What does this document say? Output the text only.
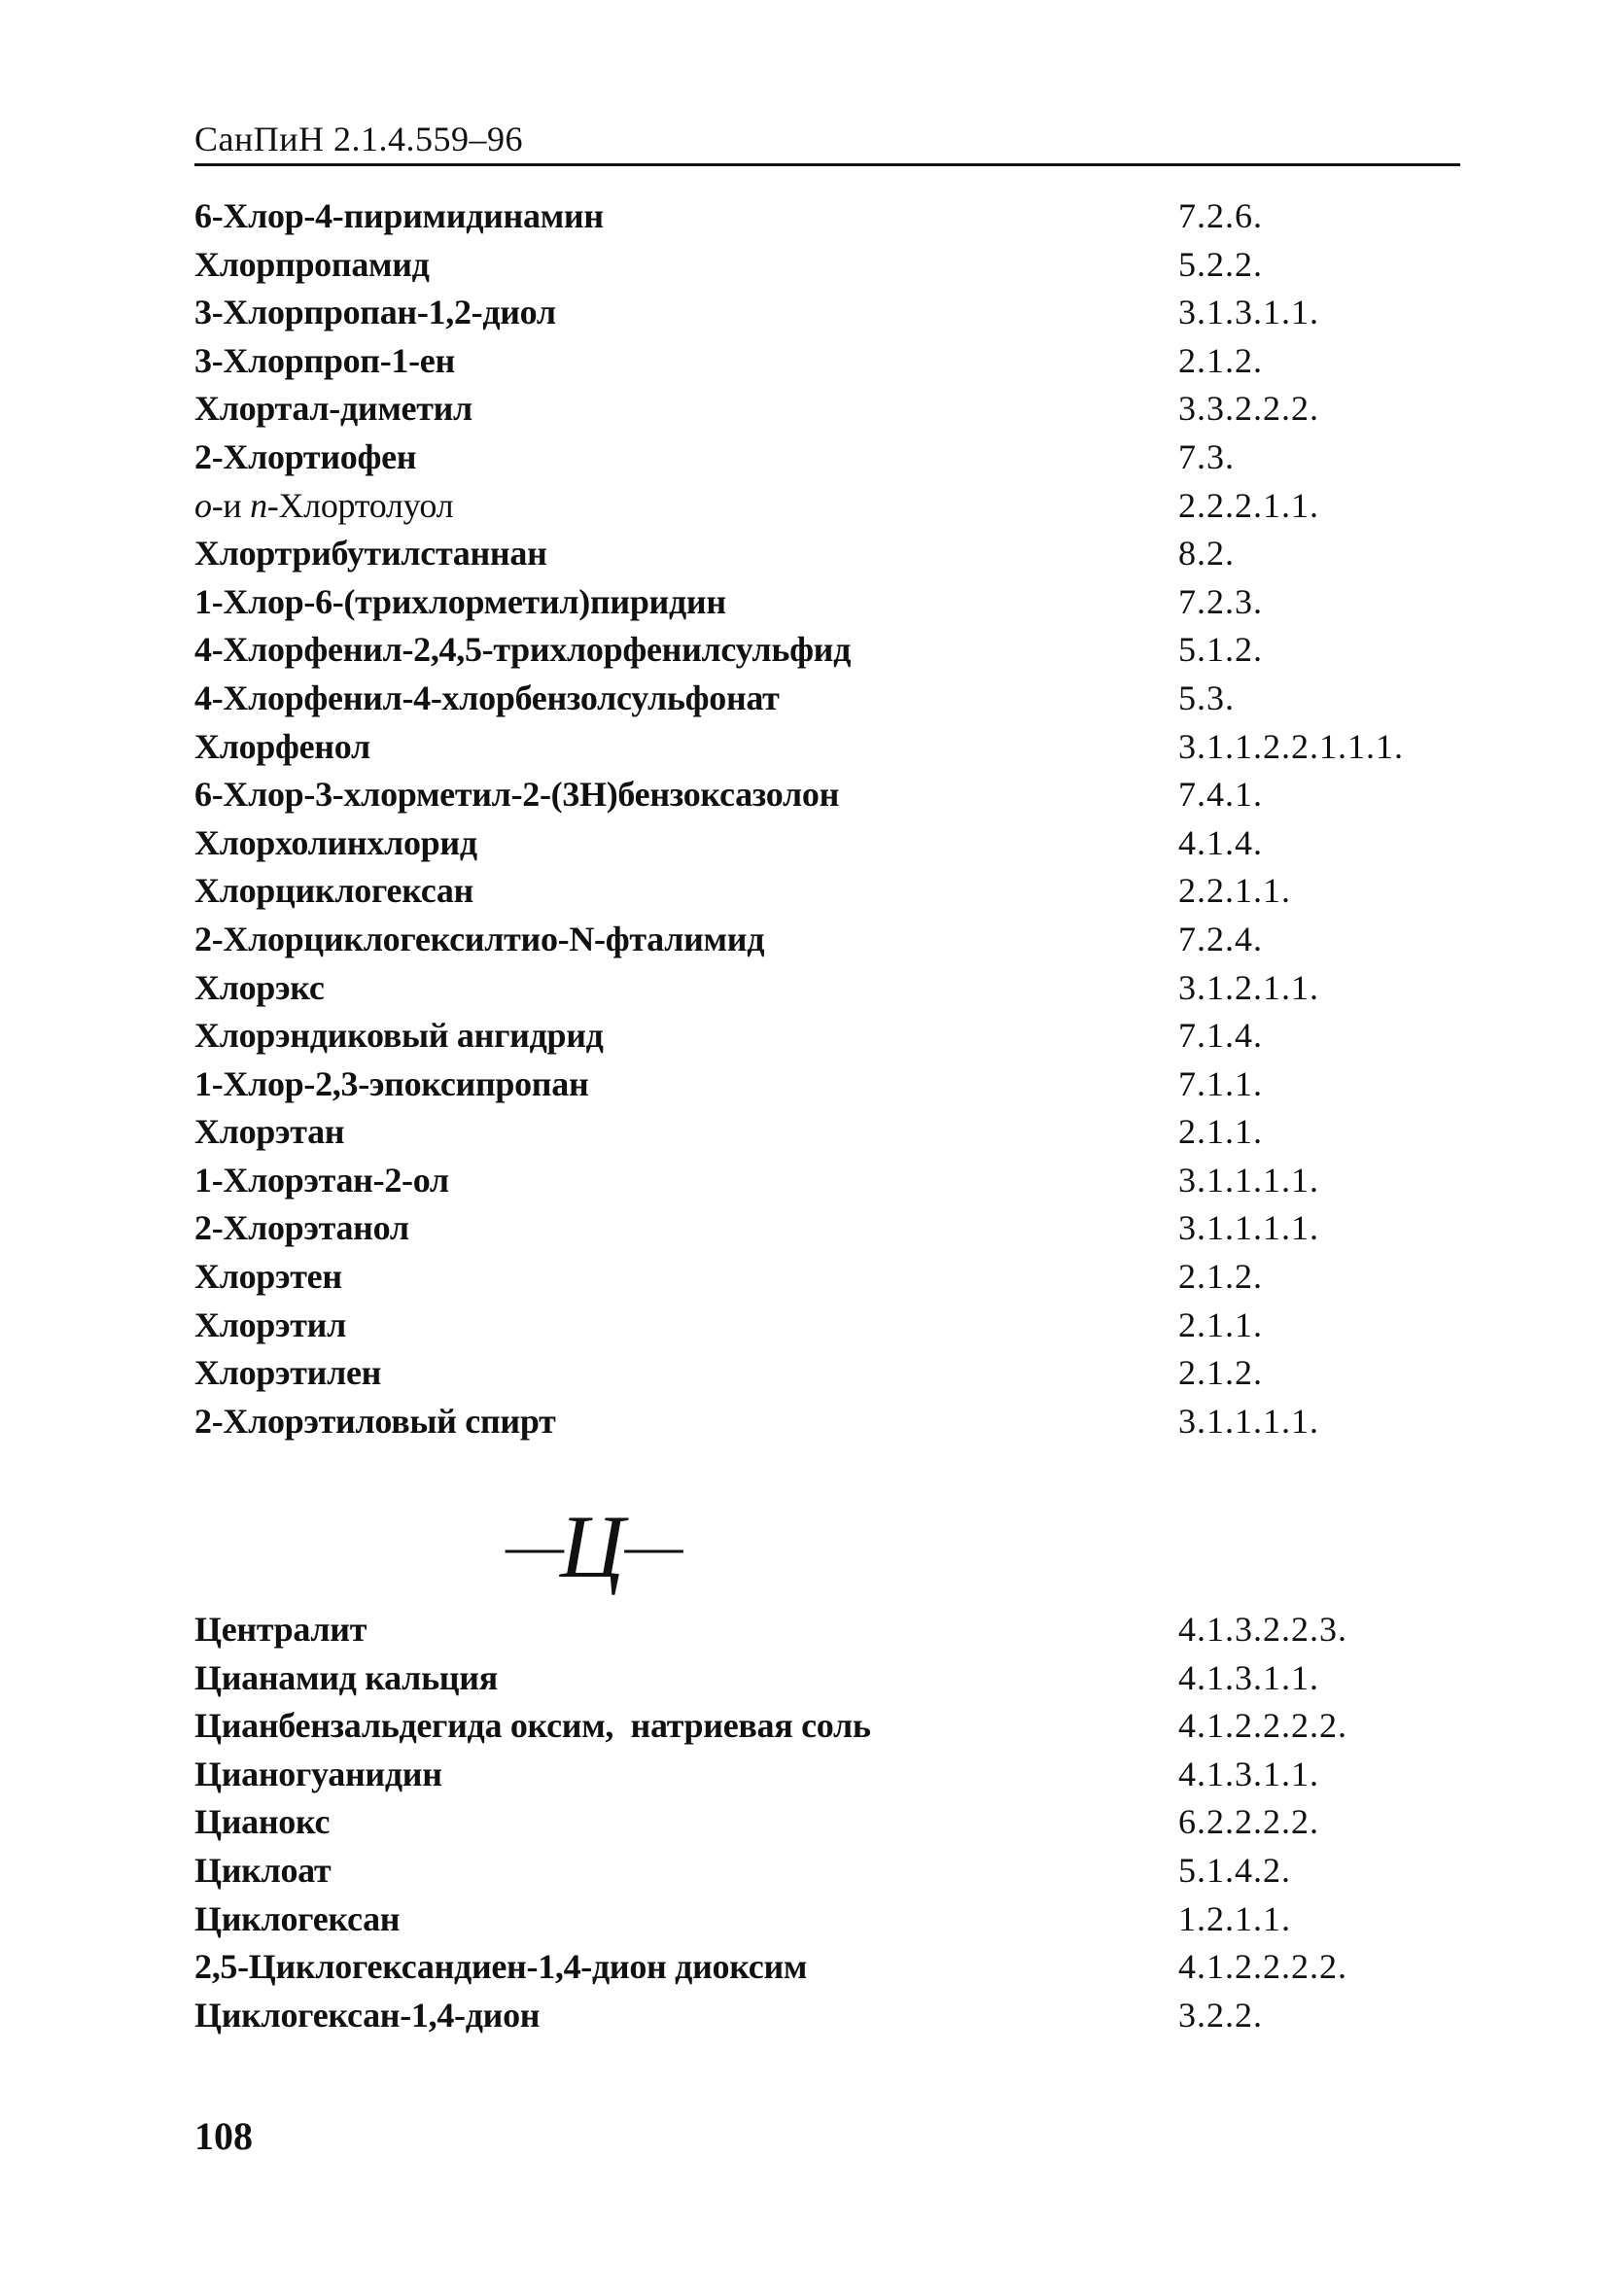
СанПиН 2.1.4.559–96
6-Хлор-4-пиримидинамин	7.2.6.
Хлорпропамид	5.2.2.
3-Хлорпропан-1,2-диол	3.1.3.1.1.
3-Хлорпроп-1-ен	2.1.2.
Хлортал-диметил	3.3.2.2.2.
2-Хлортиофен	7.3.
о-и п-Хлортолуол	2.2.2.1.1.
Хлортрибутилстаннан	8.2.
1-Хлор-6-(трихлорметил)пиридин	7.2.3.
4-Хлорфенил-2,4,5-трихлорфенилсульфид	5.1.2.
4-Хлорфенил-4-хлорбензолсульфонат	5.3.
Хлорфенол	3.1.1.2.2.1.1.1.
6-Хлор-3-хлорметил-2-(3Н)бензоксазолон	7.4.1.
Хлорхолинхлорид	4.1.4.
Хлорциклогексан	2.2.1.1.
2-Хлорциклогексилтио-N-фталимид	7.2.4.
Хлорэкс	3.1.2.1.1.
Хлорэндиковый ангидрид	7.1.4.
1-Хлор-2,3-эпоксипропан	7.1.1.
Хлорэтан	2.1.1.
1-Хлорэтан-2-ол	3.1.1.1.1.
2-Хлорэтанол	3.1.1.1.1.
Хлорэтен	2.1.2.
Хлорэтил	2.1.1.
Хлорэтилен	2.1.2.
2-Хлорэтиловый спирт	3.1.1.1.1.
—Ц—
Централит	4.1.3.2.2.3.
Цианамид кальция	4.1.3.1.1.
Цианбензальдегида оксим,  натриевая соль	4.1.2.2.2.2.
Цианогуанидин	4.1.3.1.1.
Цианокс	6.2.2.2.2.
Циклоат	5.1.4.2.
Циклогексан	1.2.1.1.
2,5-Циклогександиен-1,4-дион диоксим	4.1.2.2.2.2.
Циклогексан-1,4-дион	3.2.2.
108
